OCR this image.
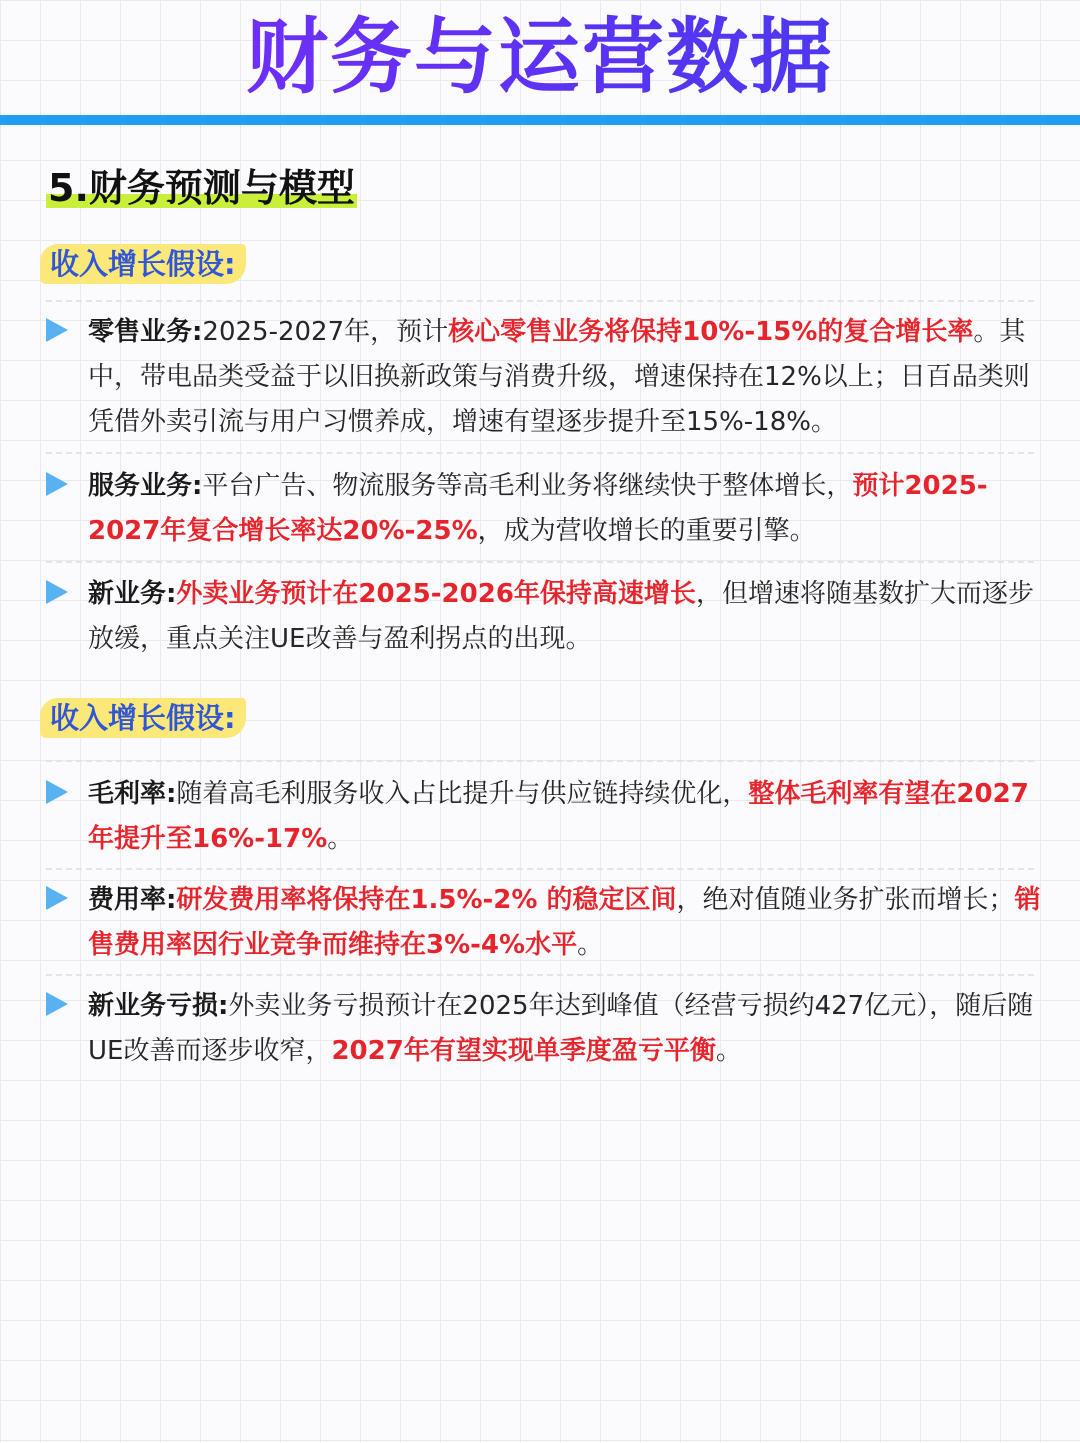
财务与运营数据
5.财务预测与模型
收入增长假设:
零售业务:2025-2027年，预计核心零售业务将保持10%-15%的复合增长率。其中，带电品类受益于以旧换新政策与消费升级，增速保持在12%以上；日百品类则凭借外卖引流与用户习惯养成，增速有望逐步提升至15%-18%。
服务业务:平台广告、物流服务等高毛利业务将继续快于整体增长，预计2025-2027年复合增长率达20%-25%，成为营收增长的重要引擎。
新业务:外卖业务预计在2025-2026年保持高速增长，但增速将随基数扩大而逐步放缓，重点关注UE改善与盈利拐点的出现。
收入增长假设:
毛利率:随着高毛利服务收入占比提升与供应链持续优化，整体毛利率有望在2027年提升至16%-17%。
费用率:研发费用率将保持在1.5%-2% 的稳定区间，绝对值随业务扩张而增长；销售费用率因行业竞争而维持在3%-4%水平。
新业务亏损:外卖业务亏损预计在2025年达到峰值（经营亏损约427亿元），随后随UE改善而逐步收窄，2027年有望实现单季度盈亏平衡。
